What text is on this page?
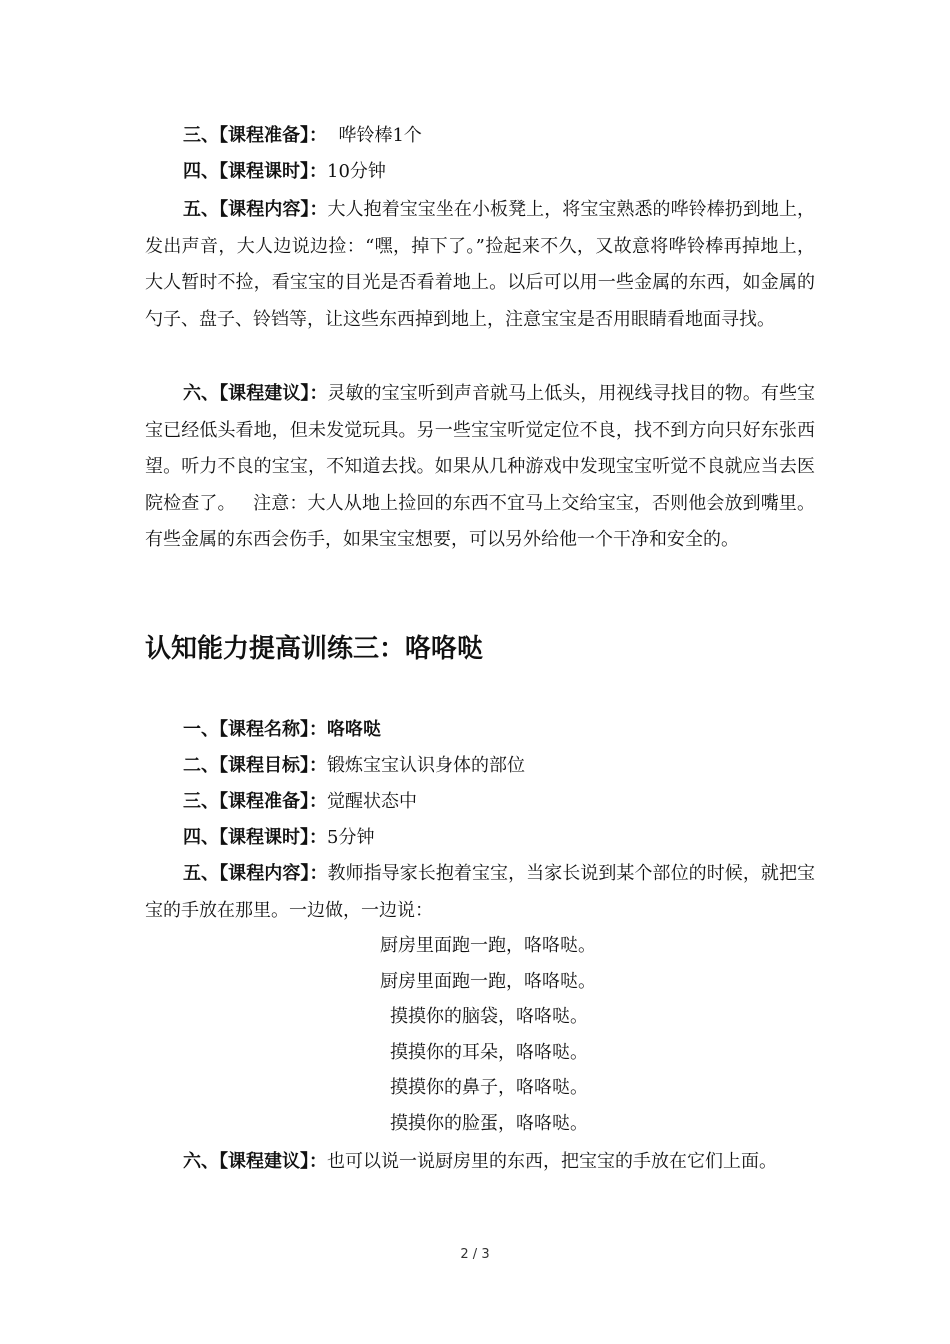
三、【课程准备】：  哗铃棒1个

四、【课程课时】：10分钟

五、【课程内容】：大人抱着宝宝坐在小板凳上，将宝宝熟悉的哗铃棒扔到地上，发出声音，大人边说边捡：“嘿，掉下了。”捡起来不久，又故意将哗铃棒再掉地上，大人暂时不捡，看宝宝的目光是否看着地上。以后可以用一些金属的东西，如金属的勺子、盘子、铃铛等，让这些东西掉到地上，注意宝宝是否用眼睛看地面寻找。

六、【课程建议】：灵敏的宝宝听到声音就马上低头，用视线寻找目的物。有些宝宝已经低头看地，但未发觉玩具。另一些宝宝听觉定位不良，找不到方向只好东张西望。听力不良的宝宝，不知道去找。如果从几种游戏中发现宝宝听觉不良就应当去医院检查了。   注意：大人从地上捡回的东西不宜马上交给宝宝，否则他会放到嘴里。有些金属的东西会伤手，如果宝宝想要，可以另外给他一个干净和安全的。

认知能力提高训练三：咯咯哒

一、【课程名称】：咯咯哒

二、【课程目标】：锻炼宝宝认识身体的部位

三、【课程准备】：觉醒状态中

四、【课程课时】：5分钟

五、【课程内容】：教师指导家长抱着宝宝，当家长说到某个部位的时候，就把宝宝的手放在那里。一边做，一边说：

厨房里面跑一跑，咯咯哒。
厨房里面跑一跑，咯咯哒。
摸摸你的脑袋，咯咯哒。
摸摸你的耳朵，咯咯哒。
摸摸你的鼻子，咯咯哒。
摸摸你的脸蛋，咯咯哒。

六、【课程建议】：也可以说一说厨房里的东西，把宝宝的手放在它们上面。

2 / 3
